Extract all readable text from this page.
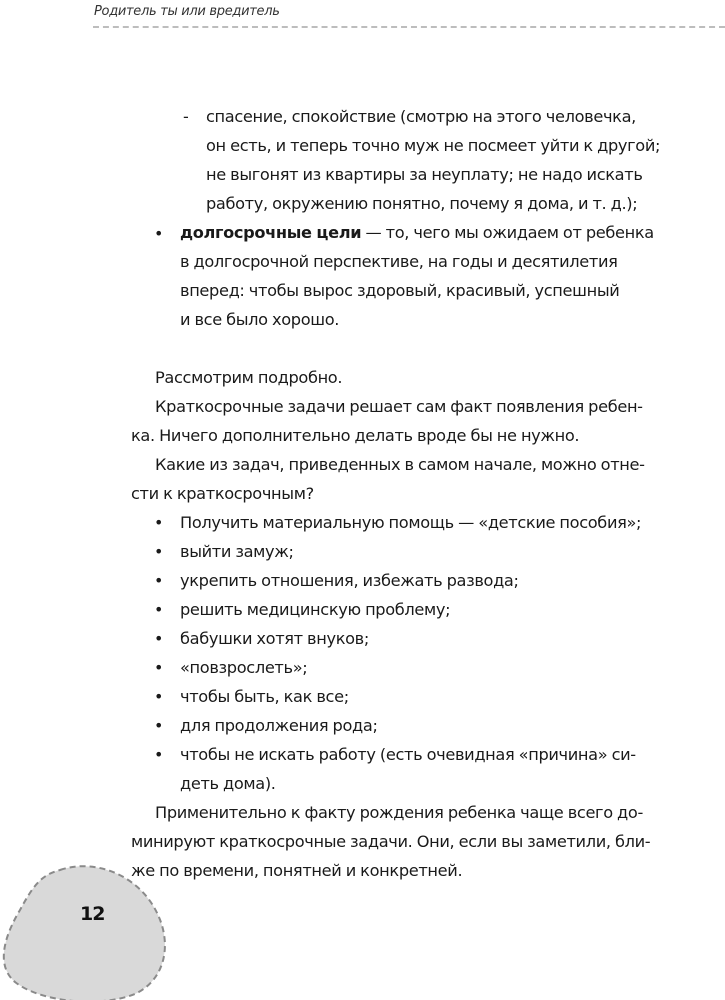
Родитель ты или вредитель
- спасение, спокойствие (смотрю на этого человечка,
он есть, и теперь точно муж не посмеет уйти к другой;
не выгонят из квартиры за неуплату; не надо искать
работу, окружению понятно, почему я дома, и т. д.);
• долгосрочные цели — то, чего мы ожидаем от ребенка
в долгосрочной перспективе, на годы и десятилетия
вперед: чтобы вырос здоровый, красивый, успешный
и все было хорошо.
Рассмотрим подробно.
Краткосрочные задачи решает сам факт появления ребен-
ка. Ничего дополнительно делать вроде бы не нужно.
Какие из задач, приведенных в самом начале, можно отне-
сти к краткосрочным?
• Получить материальную помощь — «детские пособия»;
• выйти замуж;
• укрепить отношения, избежать развода;
• решить медицинскую проблему;
• бабушки хотят внуков;
• «повзрослеть»;
• чтобы быть, как все;
• для продолжения рода;
• чтобы не искать работу (есть очевидная «причина» си-
деть дома).
Применительно к факту рождения ребенка чаще всего до-
минируют краткосрочные задачи. Они, если вы заметили, бли-
же по времени, понятней и конкретней.
12
